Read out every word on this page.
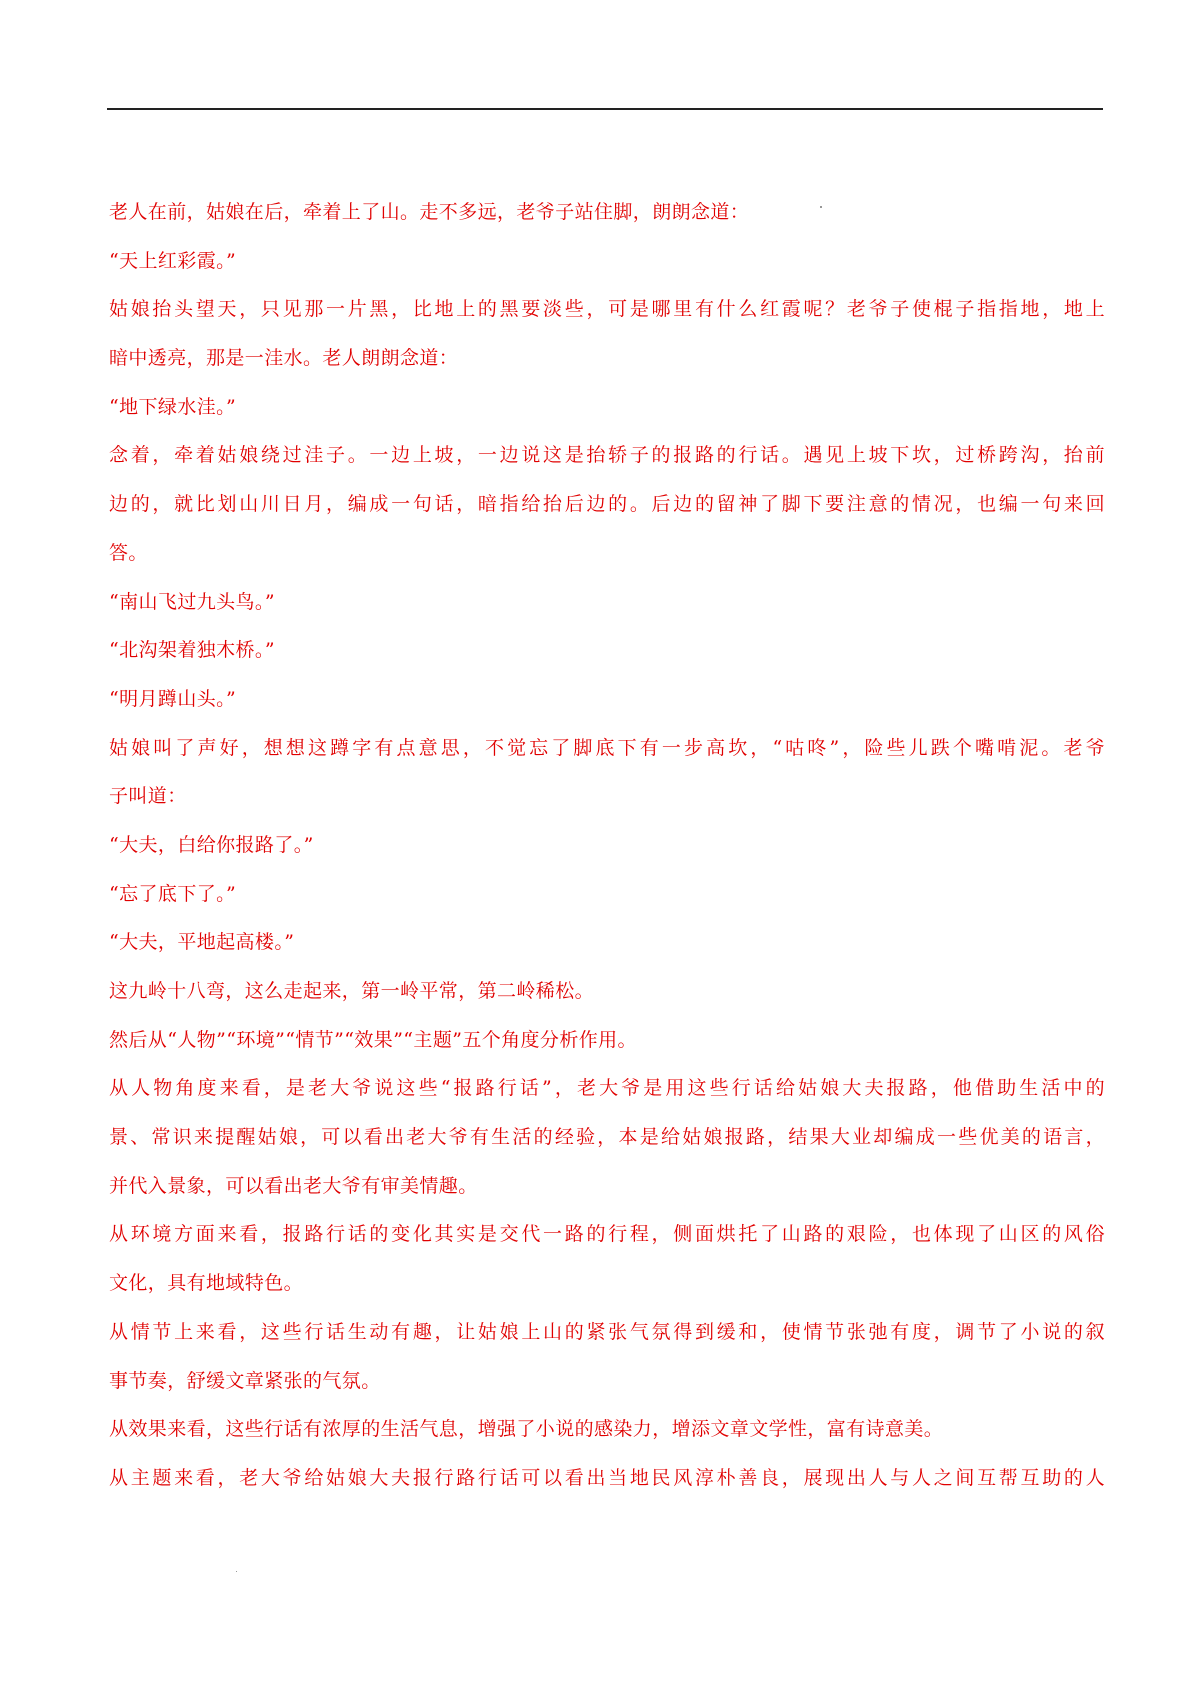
老人在前，姑娘在后，牵着上了山。走不多远，老爷子站住脚，朗朗念道：
“天上红彩霞。”
姑娘抬头望天，只见那一片黑，比地上的黑要淡些，可是哪里有什么红霞呢？老爷子使棍子指指地，地上
暗中透亮，那是一洼水。老人朗朗念道：
“地下绿水洼。”
念着，牵着姑娘绕过洼子。一边上坡，一边说这是抬轿子的报路的行话。遇见上坡下坎，过桥跨沟，抬前
边的，就比划山川日月，编成一句话，暗指给抬后边的。后边的留神了脚下要注意的情况，也编一句来回
答。
“南山飞过九头鸟。”
“北沟架着独木桥。”
“明月蹲山头。”
姑娘叫了声好，想想这蹲字有点意思，不觉忘了脚底下有一步高坎，“咕咚”，险些儿跌个嘴啃泥。老爷
子叫道：
“大夫，白给你报路了。”
“忘了底下了。”
“大夫，平地起高楼。”
这九岭十八弯，这么走起来，第一岭平常，第二岭稀松。
然后从“人物”“环境”“情节”“效果”“主题”五个角度分析作用。
从人物角度来看，是老大爷说这些“报路行话”，老大爷是用这些行话给姑娘大夫报路，他借助生活中的
景、常识来提醒姑娘，可以看出老大爷有生活的经验，本是给姑娘报路，结果大业却编成一些优美的语言，
并代入景象，可以看出老大爷有审美情趣。
从环境方面来看，报路行话的变化其实是交代一路的行程，侧面烘托了山路的艰险，也体现了山区的风俗
文化，具有地域特色。
从情节上来看，这些行话生动有趣，让姑娘上山的紧张气氛得到缓和，使情节张弛有度，调节了小说的叙
事节奏，舒缓文章紧张的气氛。
从效果来看，这些行话有浓厚的生活气息，增强了小说的感染力，增添文章文学性，富有诗意美。
从主题来看，老大爷给姑娘大夫报行路行话可以看出当地民风淳朴善良，展现出人与人之间互帮互助的人
